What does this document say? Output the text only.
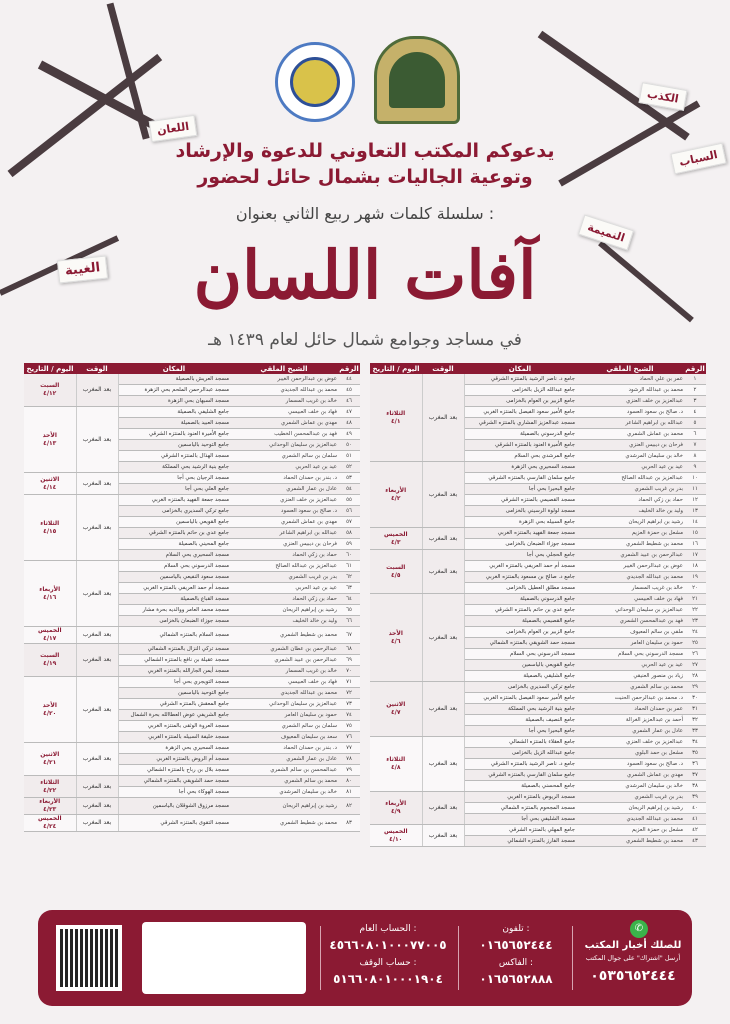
اللعان
الكذب
السباب
النميمة
الغيبة
يدعوكم المكتب التعاوني للدعوة والإرشاد
وتوعية الجاليات بشمال حائل لحضور
سلسلة كلمات شهر ربيع الثاني بعنوان :
آفات اللسان
في مساجد وجوامع شمال حائل لعام ١٤٣٩ هـ
اليوم / التاريخ	الوقت	المكان	الشيخ الملقي	الرقم
السبت
٤/١٢	بعد المغرب	مسجد العريش بالصميلة	عوض بن عبدالرحمن الغيبر	٤٤
		مسجد عبدالرحمن الملحم بحي الزهرة	محمد بن عبدالله الجديدي	٤٥
		مسجد السبهان بحي الزهرة	خالد بن غريب المسمار	٤٦
الأحد
٤/١٣	بعد المغرب	جامع الشليفي بالصميلة	فهاد بن خلف العبيسي	٤٧
		مسجد العبيد بالصميلة	مهدي بن عماش الشمري	٤٨
		جامع الأميرة العنود بالمنتزه الشرقي	فهد بن عبدالمحسن الخطيب	٤٩
		جامع التوحيد بالياسمين	عبدالعزيز بن سليمان الوحداني	٥٠
		مسجد الهذال بالمنتزه الشرقي	سلمان بن سالم الشمري	٥١
		جامع بنية الرشيد بحي المملكة	عيد بن عيد الحربي	٥٢
الاثنين
٤/١٤	بعد المغرب	مسجد الرجيان بحي أجا	د. بندر بن حمدان الحماد	٥٣
		جامع العلي بحي أجا	عادل بن عمار الشمري	٥٤
الثلاثاء
٤/١٥	بعد المغرب	مسجد جمعة الفهيد بالمنتزه الغربي	عبدالعزيز بن خلف العنزي	٥٥
		جامع تركي السديري بالخزامى	د. صالح بن سعود العسود	٥٦
		جامع القويعي بالياسمين	مهدي بن عماش الشمري	٥٧
		جامع عدي بن حاتم بالمنتزه الشرقي	عبدالله بن ابراهيم الشاعر	٥٨
		جامع المحيني بالصميلة	فرحان بن ديبيس العنزي	٥٩
		مسجد السحيري بحي السلام	حماد بن زكي الحماد	٦٠
الأربعاء
٤/١٦	بعد المغرب	مسجد الدرسوني بحي السلام	عبدالعزيز بن عبدالله الصالح	٦١
		مسجد سعود النفيعي بالياسمين	بدر بن غريب الشمري	٦٢
		مسجد أم حمد العريفي بالمنتزه الغربي	عيد بن عيد الحربي	٦٣
		مسجد القباع بالصميلة	حماد بن زكي الحماد	٦٤
		مسجد محمد العامر ووالديه بحرة مشار	رشيد بن إبراهيم الريحان	٦٥
		مسجد جوزاء الضبعان بالخزامى	وليد بن خالد الخليف	٦٦
الخميس
٤/١٧	بعد المغرب	مسجد السلام بالمنتزه الشمالي	محمد بن شطيط الشمري	٦٧
السبت
٤/١٩	بعد المغرب	مسجد تركي النزال بالمنتزه الشمالي	عبدالرحمن بن عطان الشمري	٦٨
		مسجد عقيلة بن نافع بالمنتزه الشمالي	عبدالرحمن بن عبيد الشمري	٦٩
		مسجد أيمن الجارالله بالمنتزه الغربي	خالد بن غريب المسمار	٧٠
الأحد
٤/٢٠	بعد المغرب	مسجد التويجري بحي أجا	فهاد بن خلف العبيسي	٧١
		جامع التوحيد بالياسمين	محمد بن عبدالله الجديدي	٧٢
		جامع المعقش بالمنتزه الشرقي	عبدالعزيز بن سليمان الوحداني	٧٣
		جامع الشريفي عوض العطاالله بحرة الشمال	حمود بن سليمان العامر	٧٤
		مسجد العروة الوثقى بالمنتزه الغربي	سلمان بن سالم الشمري	٧٥
		مسجد خليفة السبيله بالمنتزه الغربي	سعد بن سليمان المعيوف	٧٦
الاثنين
٤/٢١	بعد المغرب	مسجد السحيري بحي الزهرة	د. بندر بن حمدان الحماد	٧٧
		مسجد أم الروض بالمنتزه الغربي	عادل بن عمار الشمري	٧٨
		مسجد بلال بن رباح بالمنتزه الشمالي	عبدالمحسن بن سالم الشمري	٧٩
الثلاثاء
٤/٢٢	بعد المغرب	مسجد حمد الشويقي بالمنتزه الشمالي	محمد بن سالم الشمري	٨٠
		مسجد الهوكاء بحي أجا	خالد بن سليمان المرشدي	٨١
الأربعاء
٤/٢٣	بعد المغرب	مسجد مرزوق الشوقلان بالياسمين	رشيد بن إبراهيم الريحان	٨٢
الخميس
٤/٢٤	بعد المغرب	مسجد التقوى بالمنتزه الشرقي	محمد بن شطيط الشمري	٨٣
اليوم / التاريخ	الوقت	المكان	الشيخ الملقي	الرقم
الثلاثاء
٤/١	بعد المغرب	جامع د. ناصر الرشيد بالمنتزه الشرقي	عمر بن علي الحماد	١
		جامع عبدالله الزيل بالخزامى	محمد بن عبدالله الرشود	٢
		جامع الزبير بن العوام بالخزامى	عبدالعزيز بن خلف العنزي	٣
		جامع الأمير سعود الفيصل بالمنتزه الغربي	د. صالح بن سعود العسود	٤
		مسجد عبدالعزيز المشاري بالمنتزه الشرقي	عبدالله بن ابراهيم الشاعر	٥
		جامع الدرسوني بالصميلة	محمد بن عماش الشمري	٦
		جامع الأميرة العنود بالمنتزه الشرقي	فرحان بن ديبيس العنزي	٧
		جامع المرشدي بحي السلام	خالد بن سليمان المرشدي	٨
الأربعاء
٤/٢	بعد المغرب	مسجد السحيري بحي الزهرة	عيد بن عيد الحربي	٩
		جامع سلمان الفارسي بالمنتزه الشرقي	عبدالعزيز بن عبدالله الصالح	١٠
		جامع البحيرا بحي أجا	بدر بن غريب الشمري	١١
		مسجد القصيمي بالمنتزه الشرقي	حماد بن زكي الحماد	١٢
		مسجد لولوة الرسيني بالخزامى	وليد بن خالد الخليف	١٣
		جامع السبيله بحي الزهرة	رشيد بن ابراهيم الريحان	١٤
الخميس
٤/٣	بعد المغرب	مسجد جمعة الفهيد بالمنتزه الغربي	مشعل بن حمزة العزيم	١٥
		مسجد جوزاء الضبعان بالخزامى	محمد بن شطيط الشمري	١٦
السبت
٤/٥	بعد المغرب	جامع الحجلي بحي أجا	عبدالرحمن بن عبيد الشمري	١٧
		مسجد أم حمد العريفي بالمنتزه الغربي	عوض بن عبدالرحمن الغيبر	١٨
		جامع د. صالح بن مسعود بالمنتزه الغربي	محمد بن عبدالله الجديدي	١٩
		مسجد مطلق العطيل بالخزامى	خالد بن غريب المسمار	٢٠
الأحد
٤/٦	بعد المغرب	جامع الدرسوني بالصميلة	فهاد بن خلف العبيسي	٢١
		جامع عدي بن حاتم بالمنتزه الشرقي	عبدالعزيز بن سليمان الوحداني	٢٢
		جامع القصيمي بالصميلة	فهد بن عبدالمحسن الشمري	٢٣
		جامع الزبير بن العوام بالخزامى	ملفي بن سالم المعيوف	٢٤
		مسجد حمد الشويقي بالمنتزه الشمالي	حمود بن سليمان العامر	٢٥
		مسجد الدرسوني بحي السلام	مسجد الدرسوني بحي السلام	٢٦
		جامع القويعي بالياسمين	عيد بن عيد الحربي	٢٧
		جامع الشليقي بالصميلة	زياد بن منصور العنيقي	٢٨
الاثنين
٤/٧	بعد المغرب	جامع تركي السديري بالخزامى	محمد بن سالم الشمري	٢٩
		جامع الأمير سعود الفيصل بالمنتزه الغربي	د. محمد بن عبدالرحمن الحنيت	٣٠
		جامع بنية الرشيد بحي المملكة	عمر بن حمدان الحماد	٣١
		جامع النصيف بالصميلة	أحمد بن عبدالعزيز الغرالة	٣٢
		جامع البحيرا بحي أجا	عادل بن عمار الشمري	٣٣
الثلاثاء
٤/٨	بعد المغرب	جامع العقلاء بالمنتزه الشمالي	عبدالعزيز بن خلف العنزي	٣٤
		جامع عبدالله الزيل بالخزامى	مشعل بن حمد البلوي	٣٥
		جامع د. ناصر الرشيد بالمنتزه الشرقي	د. صالح بن سعود العسود	٣٦
		جامع سلمان الفارسي بالمنتزه الشرقي	مهدي بن عماش الشمري	٣٧
		جامع المحسني بالصميلة	خالد بن سليمان المرشدي	٣٨
الأربعاء
٤/٩	بعد المغرب	مسجد الريوض بالمنتزه الغربي	بدر بن غريب الشمري	٣٩
		مسجد المجحوم بالمنتزه الشمالي	رشيد بن إبراهيم الريحان	٤٠
		مسجد الشليفي بحي أجا	محمد بن عبدالله الجديدي	٤١
الخميس
٤/١٠	بعد المغرب	جامع المهلي بالمنتزه الشرقي	مشعل بن حمزة العزيم	٤٢
		مسجد الفارز بالمنتزه الشمالي	محمد بن شطيط الشمري	٤٣
بفضل الله ثم دعمكم أنجزنا
٨٠
٪
وقـف الـدعوة٢
بعطائكم يستمر عطائنا
الحساب العام :
٤٥٦٦٠٨٠١٠٠٠٧٧٠٠٥
حساب الوقف :
٥١٦٦٠٨٠١٠٠٠١٩٠٤
تلفون :
٠١٦٥٦٥٢٤٤٤
الفاكس :
٠١٦٥٦٥٢٨٨٨
✆
للصلك أخبار المكتب
أرسل "اشتراك" على جوال المكتب
٠٥٣٥٦٥٢٤٤٤
